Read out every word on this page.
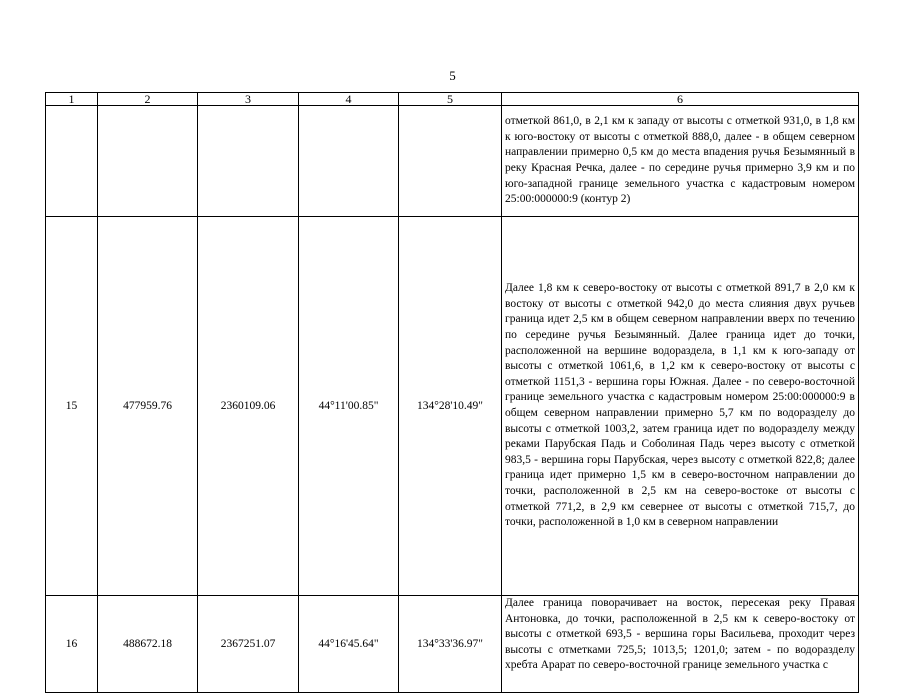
5
1	2	3	4	5	6
					отметкой 861,0, в 2,1 км к западу от высоты с отметкой 931,0, в 1,8 км к юго-востоку от высоты с отметкой 888,0, далее - в общем северном направлении примерно 0,5 км до места впадения ручья Безымянный в реку Красная Речка, далее - по середине ручья примерно 3,9 км и по юго-западной границе земельного участка с кадастровым номером 25:00:000000:9 (контур 2)
15	477959.76	2360109.06	44°11'00.85"	134°28'10.49"	Далее 1,8 км к северо-востоку от высоты с отметкой 891,7 в 2,0 км к востоку от высоты с отметкой 942,0 до места слияния двух ручьев граница идет 2,5 км в общем северном направлении вверх по течению по середине ручья Безымянный. Далее граница идет до точки, расположенной на вершине водораздела, в 1,1 км к юго-западу от высоты с отметкой 1061,6, в 1,2 км к северо-востоку от высоты с отметкой 1151,3 - вершина горы Южная. Далее - по северо-восточной границе земельного участка с кадастровым номером 25:00:000000:9 в общем северном направлении примерно 5,7 км по водоразделу до высоты с отметкой 1003,2, затем граница идет по водоразделу между реками Парубская Падь и Соболиная Падь через высоту с отметкой 983,5 - вершина горы Парубская, через высоту с отметкой 822,8; далее граница идет примерно 1,5 км в северо-восточном направлении до точки, расположенной в 2,5 км на северо-востоке от высоты с отметкой 771,2, в 2,9 км севернее от высоты с отметкой 715,7, до точки, расположенной в 1,0 км в северном направлении
16	488672.18	2367251.07	44°16'45.64"	134°33'36.97"	Далее граница поворачивает на восток, пересекая реку Правая Антоновка, до точки, расположенной в 2,5 км к северо-востоку от высоты с отметкой 693,5 - вершина горы Васильева, проходит через высоты с отметками 725,5; 1013,5; 1201,0; затем - по водоразделу хребта Арарат по северо-восточной границе земельного участка с
